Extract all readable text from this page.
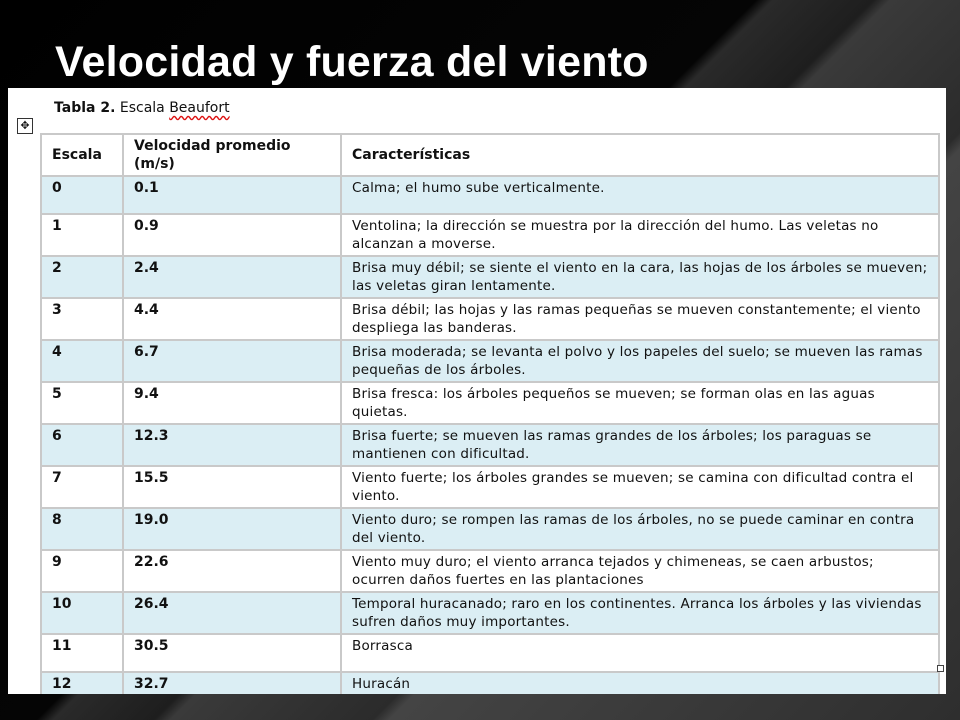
Velocidad y fuerza del viento
✥
Tabla 2. Escala Beaufort
Escala	Velocidad promedio (m/s)	Características
0	0.1	Calma; el humo sube verticalmente.
1	0.9	Ventolina; la dirección se muestra por la dirección del humo. Las veletas no alcanzan a moverse.
2	2.4	Brisa muy débil; se siente el viento en la cara, las hojas de los árboles se mueven; las veletas giran lentamente.
3	4.4	Brisa débil; las hojas y las ramas pequeñas se mueven constantemente; el viento despliega las banderas.
4	6.7	Brisa moderada; se levanta el polvo y los papeles del suelo; se mueven las ramas pequeñas de los árboles.
5	9.4	Brisa fresca: los árboles pequeños se mueven; se forman olas en las aguas quietas.
6	12.3	Brisa fuerte; se mueven las ramas grandes de los árboles; los paraguas se mantienen con dificultad.
7	15.5	Viento fuerte; los árboles grandes se mueven; se camina con dificultad contra el viento.
8	19.0	Viento duro; se rompen las ramas de los árboles, no se puede caminar en contra del viento.
9	22.6	Viento muy duro; el viento arranca tejados y chimeneas, se caen arbustos; ocurren daños fuertes en las plantaciones
10	26.4	Temporal huracanado; raro en los continentes. Arranca los árboles y las viviendas sufren daños muy importantes.
11	30.5	Borrasca
12	32.7	Huracán
